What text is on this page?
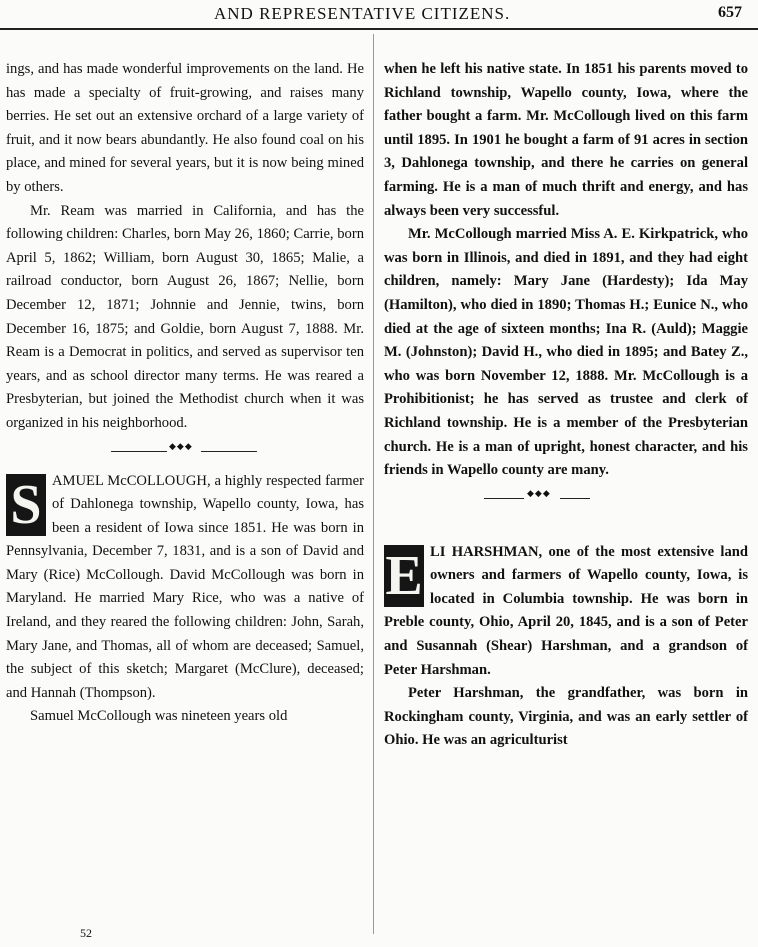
AND REPRESENTATIVE CITIZENS.	657

ings, and has made wonderful improvements on the land. He has made a specialty of fruit-growing, and raises many berries. He set out an extensive orchard of a large variety of fruit, and it now bears abundantly. He also found coal on his place, and mined for several years, but it is now being mined by others.

Mr. Ream was married in California, and has the following children: Charles, born May 26, 1860; Carrie, born April 5, 1862; William, born August 30, 1865; Malie, a railroad conductor, born August 26, 1867; Nellie, born December 12, 1871; Johnnie and Jennie, twins, born December 16, 1875; and Goldie, born August 7, 1888. Mr. Ream is a Democrat in politics, and served as supervisor ten years, and as school director many terms. He was reared a Presbyterian, but joined the Methodist church when it was organized in his neighborhood.

◆◆◆
S AMUEL McCOLLOUGH, a highly respected farmer of Dahlonega township, Wapello county, Iowa, has been a resident of Iowa since 1851. He was born in Pennsylvania, December 7, 1831, and is a son of David and Mary (Rice) McCollough. David McCollough was born in Maryland. He married Mary Rice, who was a native of Ireland, and they reared the following children: John, Sarah, Mary Jane, and Thomas, all of whom are deceased; Samuel, the subject of this sketch; Margaret (McClure), deceased; and Hannah (Thompson).

Samuel McCollough was nineteen years old

when he left his native state. In 1851 his parents moved to Richland township, Wapello county, Iowa, where the father bought a farm. Mr. McCollough lived on this farm until 1895. In 1901 he bought a farm of 91 acres in section 3, Dahlonega township, and there he carries on general farming. He is a man of much thrift and energy, and has always been very successful.

Mr. McCollough married Miss A. E. Kirkpatrick, who was born in Illinois, and died in 1891, and they had eight children, namely: Mary Jane (Hardesty); Ida May (Hamilton), who died in 1890; Thomas H.; Eunice N., who died at the age of sixteen months; Ina R. (Auld); Maggie M. (Johnston); David H., who died in 1895; and Batey Z., who was born November 12, 1888. Mr. McCollough is a Prohibitionist; he has served as trustee and clerk of Richland township. He is a member of the Presbyterian church. He is a man of upright, honest character, and his friends in Wapello county are many.

◆◆◆
E LI HARSHMAN, one of the most extensive land owners and farmers of Wapello county, Iowa, is located in Columbia township. He was born in Preble county, Ohio, April 20, 1845, and is a son of Peter and Susannah (Shear) Harshman, and a grandson of Peter Harshman.

Peter Harshman, the grandfather, was born in Rockingham county, Virginia, and was an early settler of Ohio. He was an agriculturist

52
